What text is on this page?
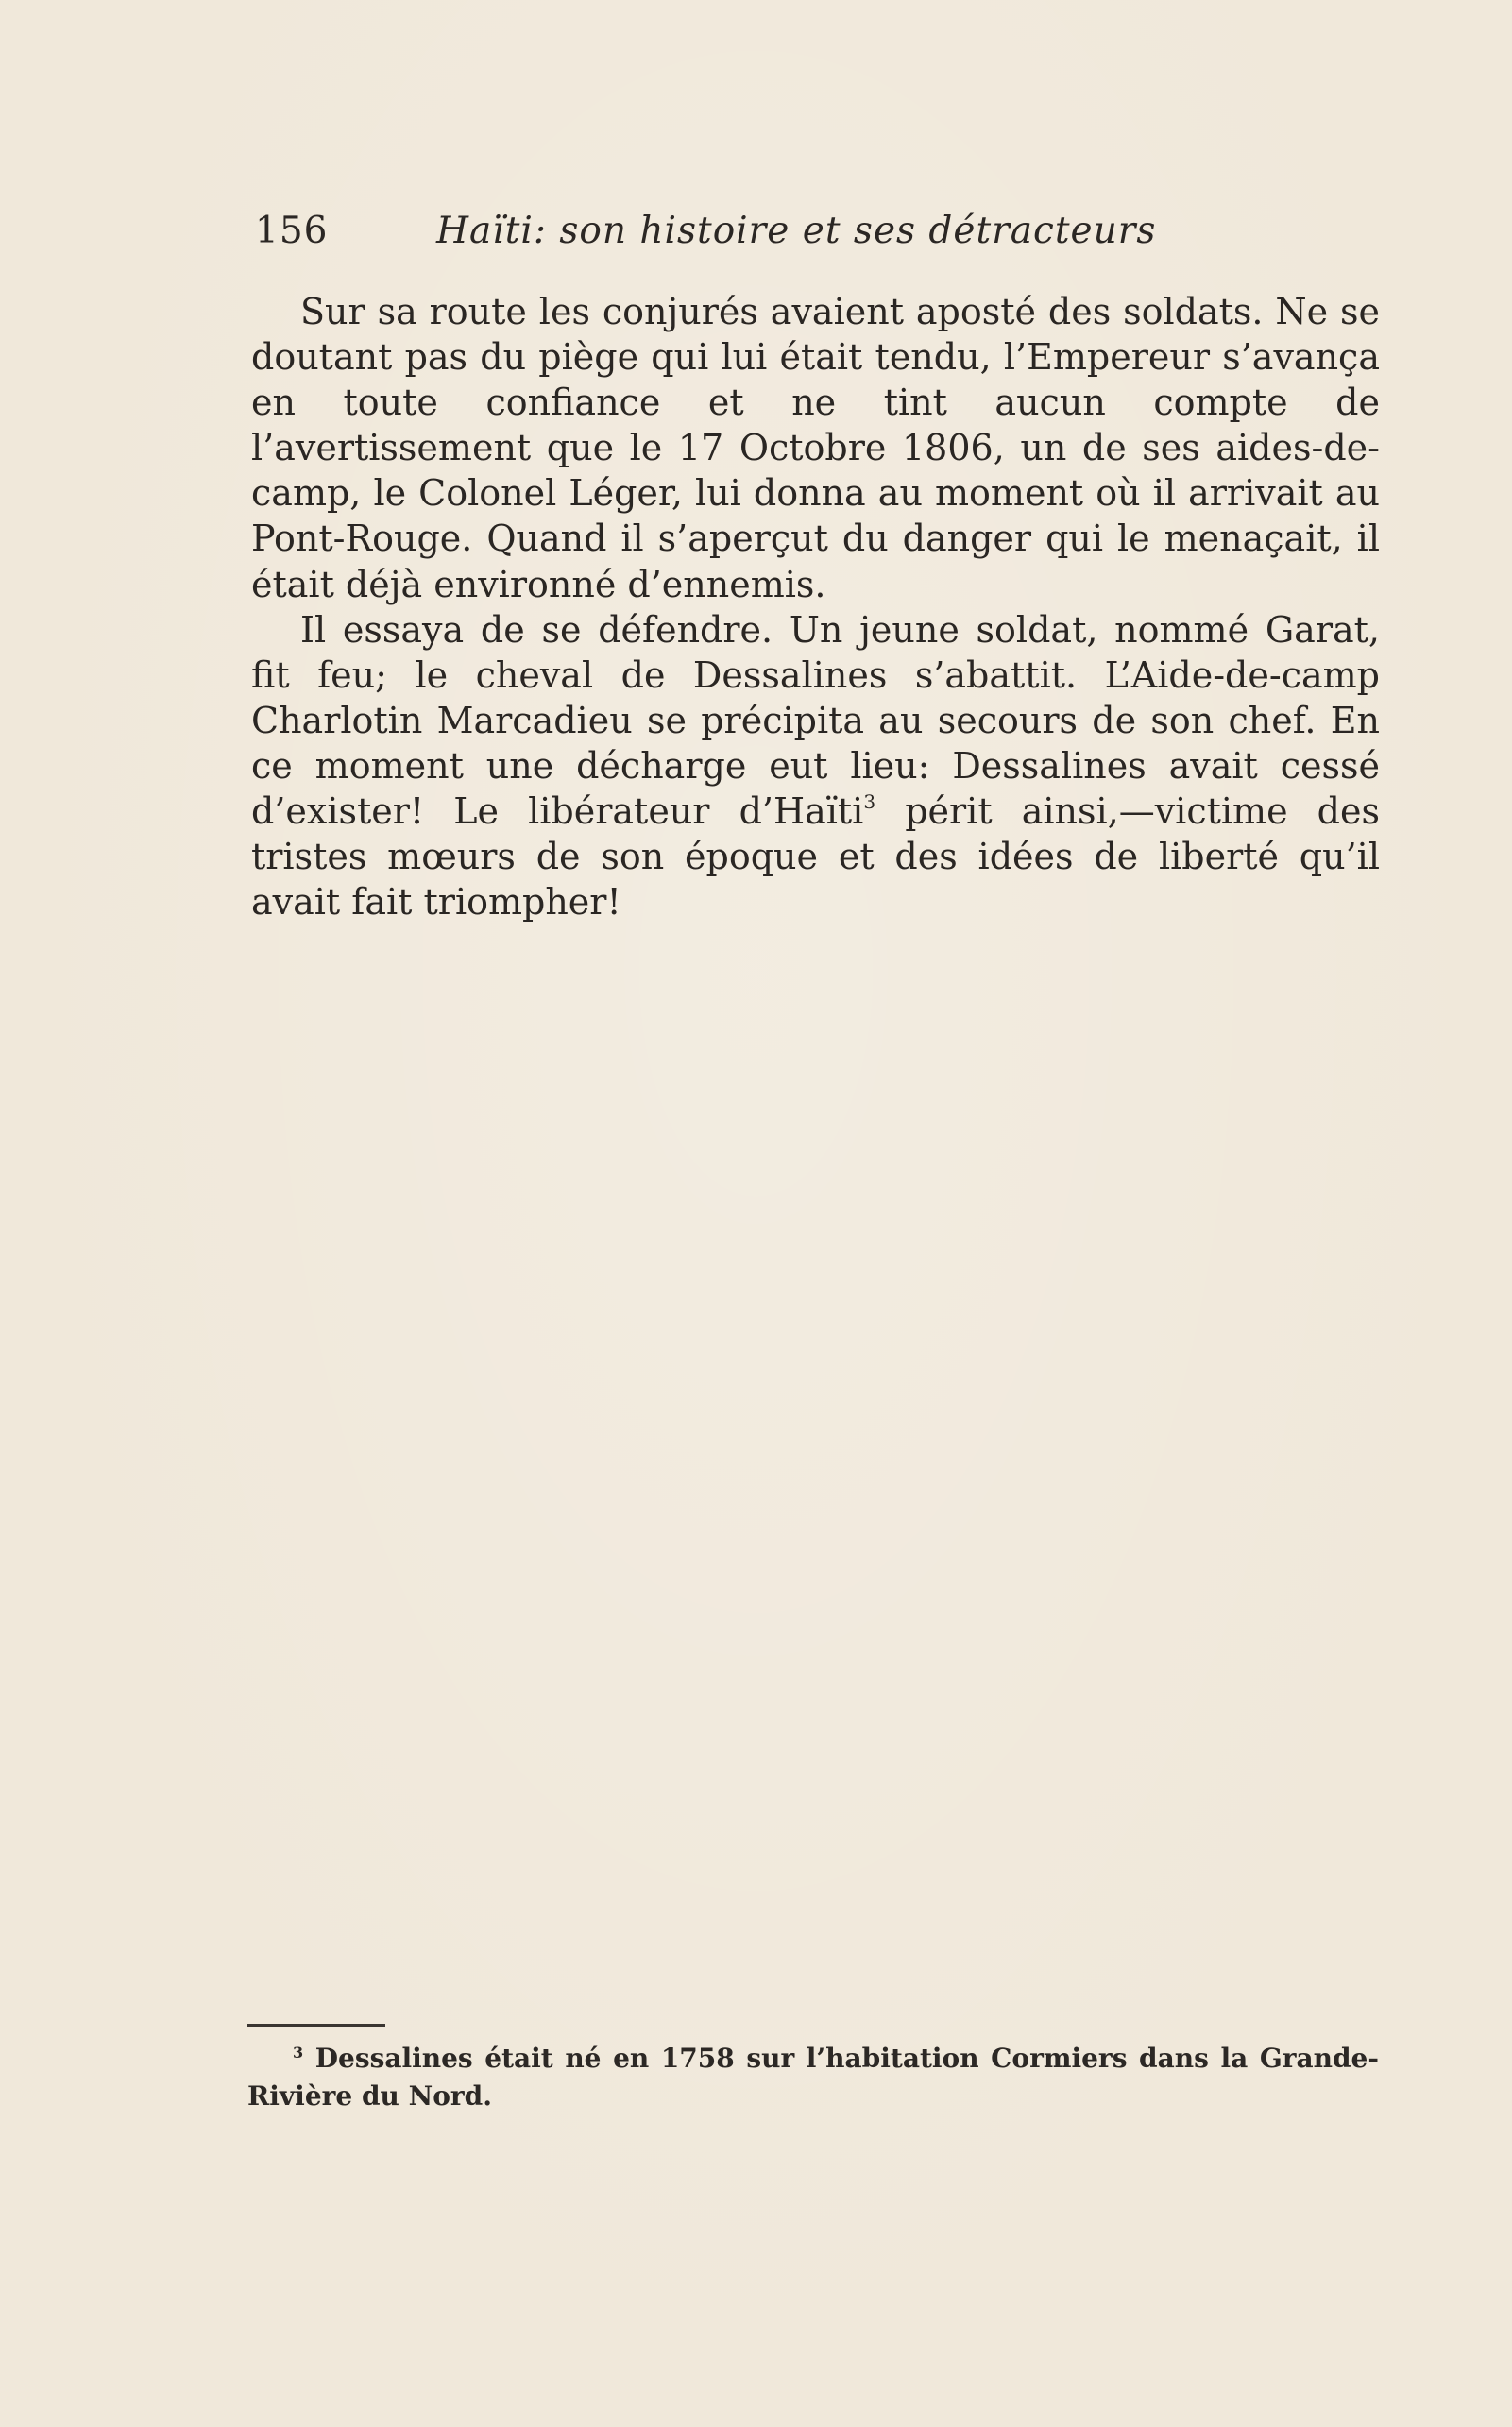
156	Haïti: son histoire et ses détracteurs

Sur sa route les conjurés avaient aposté des soldats. Ne se doutant pas du piège qui lui était tendu, l’Empereur s’avança en toute confiance et ne tint aucun compte de l’avertissement que le 17 Octobre 1806, un de ses aides-de-camp, le Colonel Léger, lui donna au moment où il arrivait au Pont-Rouge. Quand il s’aperçut du danger qui le menaçait, il était déjà environné d’ennemis.

Il essaya de se défendre. Un jeune soldat, nommé Garat, fit feu; le cheval de Dessalines s’abattit. L’Aide-de-camp Charlotin Marcadieu se précipita au secours de son chef. En ce moment une décharge eut lieu: Dessalines avait cessé d’exister! Le libérateur d’Haïti$^3$ périt ainsi,—victime des tristes mœurs de son époque et des idées de liberté qu’il avait fait triompher!

$^3$ Dessalines était né en 1758 sur l’habitation Cormiers dans la Grande-Rivière du Nord.
